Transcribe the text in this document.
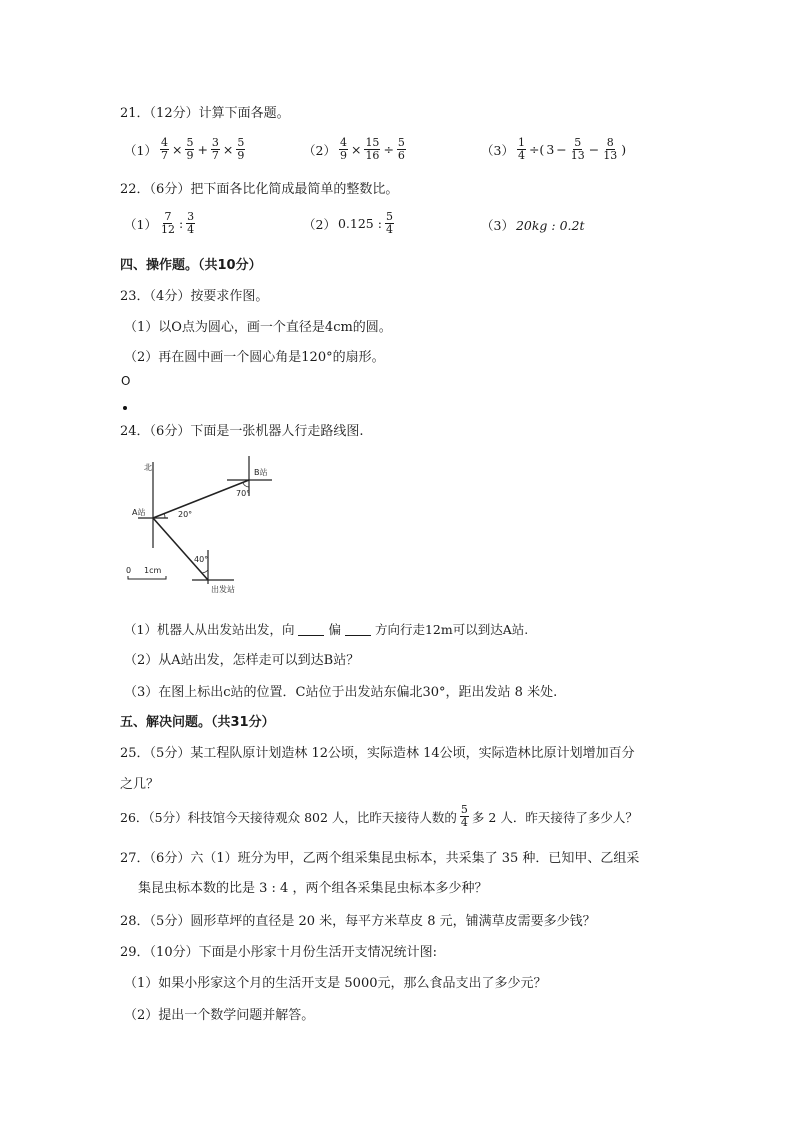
21．（12分）计算下面各题。
$(1) \frac{4}{7} \times \frac{5}{9} + \frac{3}{7} \times \frac{5}{9}$	$(2) \frac{4}{9} \times \frac{15}{16} \div \frac{5}{6}$	$(3) \frac{1}{4}$ ÷( $3 - \frac{5}{13} - \frac{8}{13}$ )
22．（6分）把下面各比化简成最简单的整数比。
$(1) \frac{7}{12}$ : $\frac{3}{4}$	（2） 0.125 : $\frac{5}{4}$	（3） 20kg : 0.2t
四、操作题。（共10分）
23．（4分）按要求作图。
（1）以O点为圆心，画一个直径是4cm的圆。
（2）再在圆中画一个圆心角是120°的扇形。
O
24．（6分）下面是一张机器人行走路线图.
北
A站
B站
出发站
70°
20°
40°
0 1cm
（1）机器人从出发站出发，向	偏	方向行走12m可以到达A站.
（2）从A站出发，怎样走可以到达B站？
（3）在图上标出c站的位置．C站位于出发站东偏北30°，距出发站 8 米处.
五、解决问题。（共31分）
25．（5分）某工程队原计划造林 12公顷，实际造林 14公顷，实际造林比原计划增加百分
之几？
26．（5分）科技馆今天接待观众 802 人，比昨天接待人数的 $\frac{5}{4}$ 多 2 人．昨天接待了多少人？
27．（6分）六（1）班分为甲，乙两个组采集昆虫标本，共采集了 35 种．已知甲、乙组采
集昆虫标本数的比是 3 : 4 ，两个组各采集昆虫标本多少种？
28．（5分）圆形草坪的直径是 20 米，每平方米草皮 8 元，铺满草皮需要多少钱？
29．（10分）下面是小彤家十月份生活开支情况统计图:
（1）如果小彤家这个月的生活开支是 5000元，那么食品支出了多少元？
（2）提出一个数学问题并解答。
